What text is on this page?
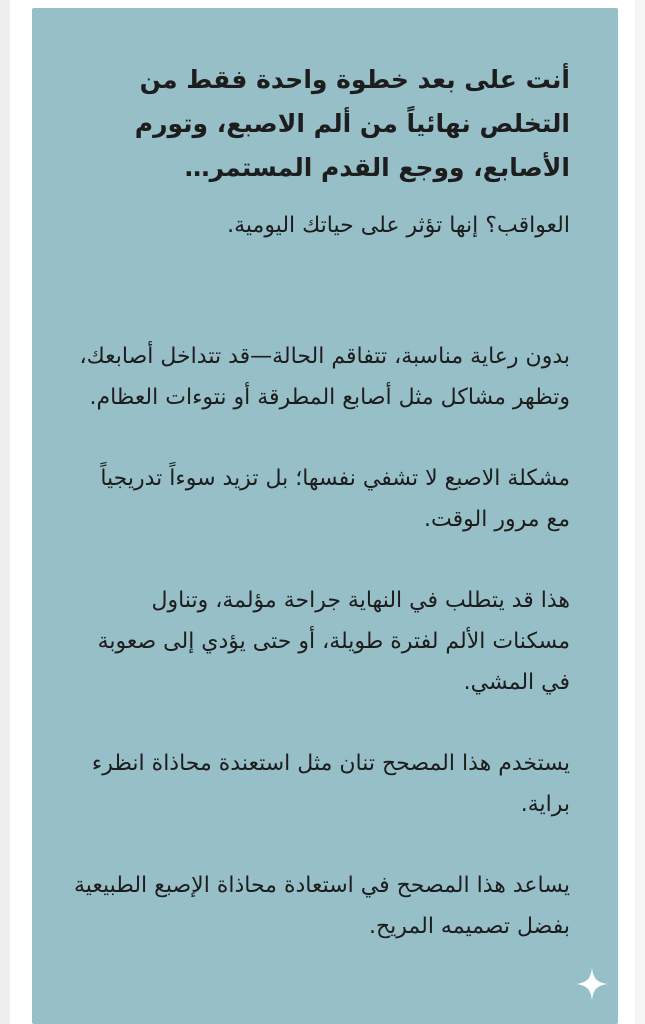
أنت على بعد خطوة واحدة فقط من التخلص نهائياً من ألم الاصبع، وتورم الأصابع، ووجع القدم المستمر…

العواقب؟ إنها تؤثر على حياتك اليومية.

بدون رعاية مناسبة، تتفاقم الحالة—قد تتداخل أصابعك، وتظهر مشاكل مثل أصابع المطرقة أو نتوءات العظام.

مشكلة الاصبع لا تشفي نفسها؛ بل تزيد سوءاً تدريجياً مع مرور الوقت.

هذا قد يتطلب في النهاية جراحة مؤلمة، وتناول مسكنات الألم لفترة طويلة، أو حتى يؤدي إلى صعوبة في المشي.

يستخدم هذا المصحح تنان مثل استعندة محاذاة انظرء براية.

يساعد هذا المصحح في استعادة محاذاة الإصبع الطبيعية بفضل تصميمه المريح.
